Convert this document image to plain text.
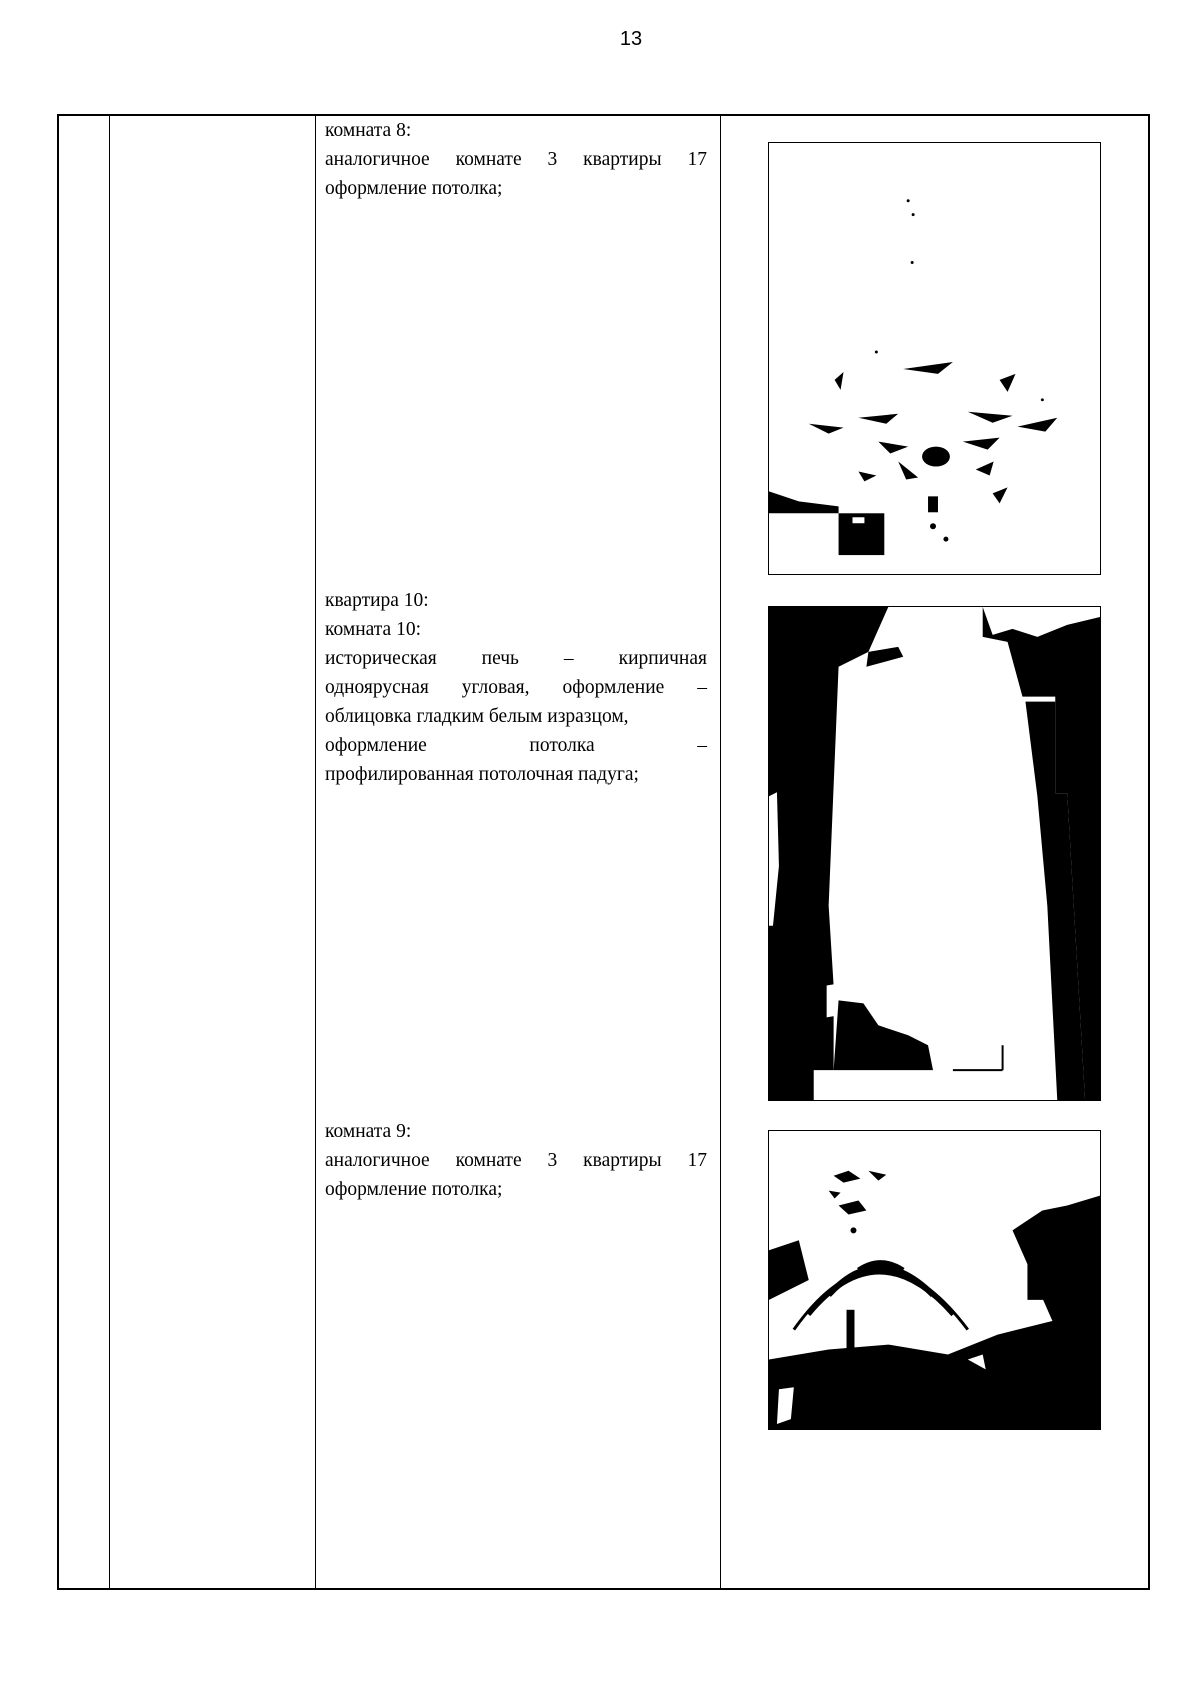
13
комната 8:
аналогичное комнате 3 квартиры 17
оформление потолка;
квартира 10:
комната 10:
историческая печь – кирпичная
одноярусная угловая, оформление –
облицовка гладким белым изразцом,
оформление потолка –
профилированная потолочная падуга;
комната 9:
аналогичное комнате 3 квартиры 17
оформление потолка;
